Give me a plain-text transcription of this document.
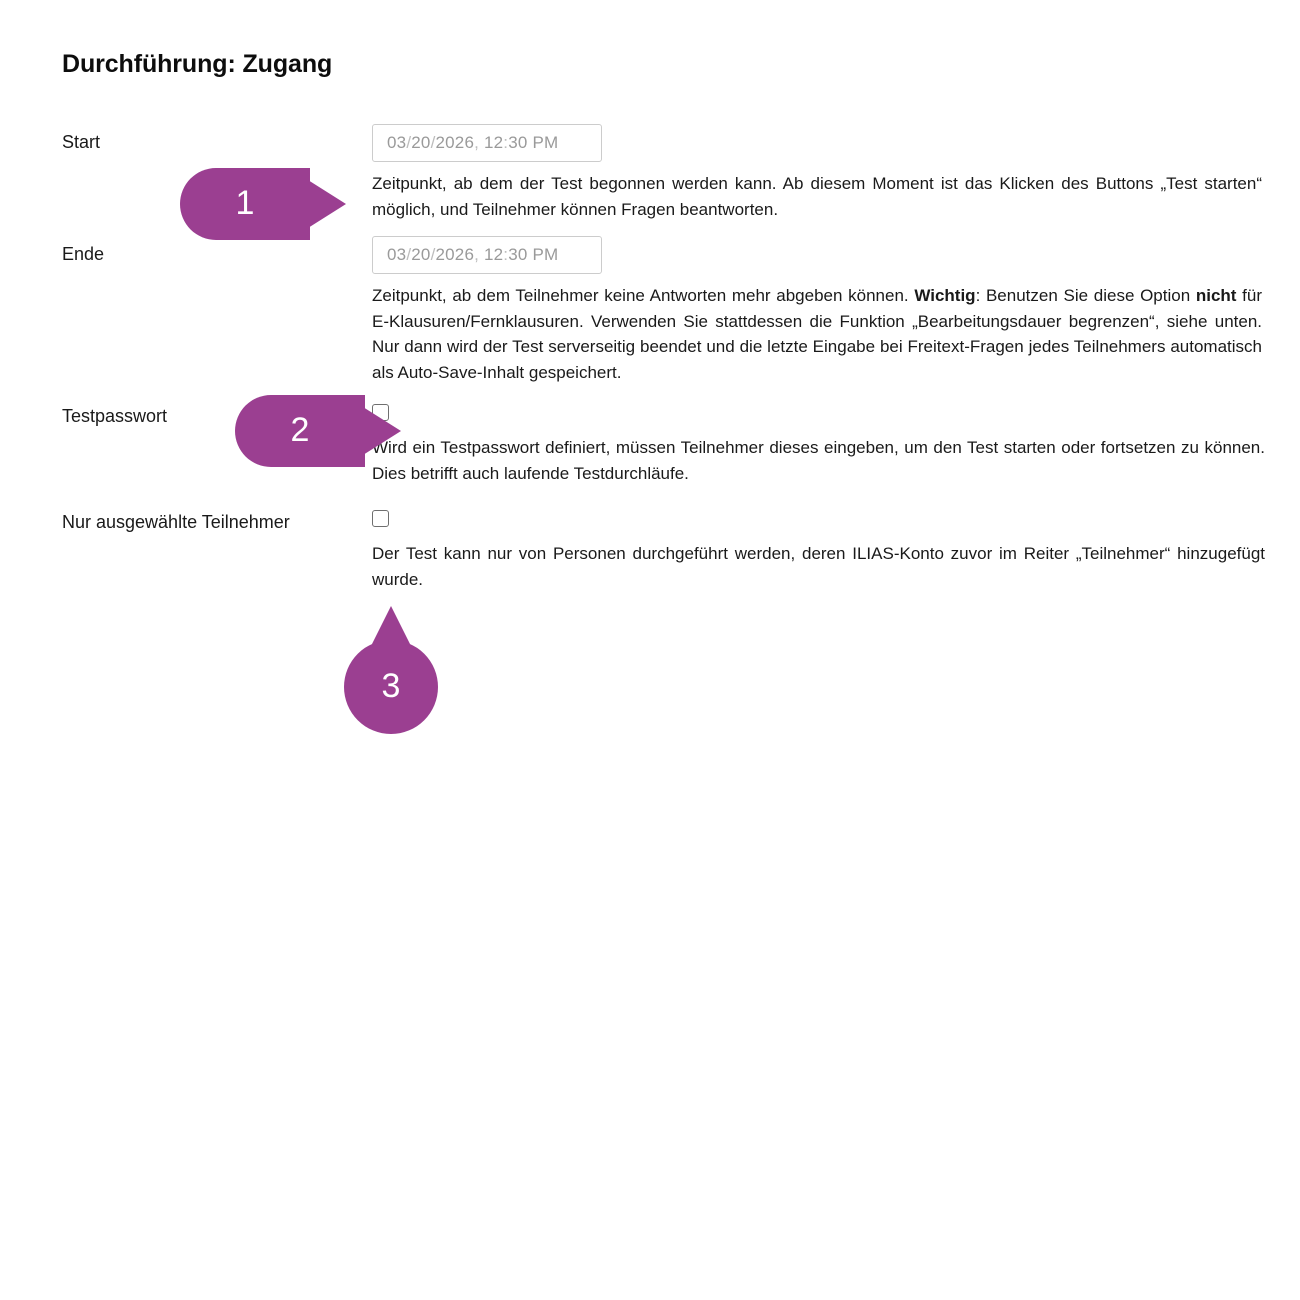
Durchführung: Zugang
Start	03/20/2026, 12:30 PM
Zeitpunkt, ab dem der Test begonnen werden kann. Ab diesem Moment ist das Klicken des Buttons „Test starten“ möglich, und Teilnehmer können Fragen beantworten.
Ende	03/20/2026, 12:30 PM
Zeitpunkt, ab dem Teilnehmer keine Antworten mehr abgeben können. Wichtig: Benutzen Sie diese Option nicht für E-Klausuren/Fernklausuren. Verwenden Sie stattdessen die Funktion „Bearbeitungsdauer begrenzen“, siehe unten. Nur dann wird der Test serverseitig beendet und die letzte Eingabe bei Freitext-Fragen jedes Teilnehmers automatisch als Auto-Save-Inhalt gespeichert.
Testpasswort
Wird ein Testpasswort definiert, müssen Teilnehmer dieses eingeben, um den Test starten oder fortsetzen zu können. Dies betrifft auch laufende Testdurchläufe.
Nur ausgewählte Teilnehmer
Der Test kann nur von Personen durchgeführt werden, deren ILIAS-Konto zuvor im Reiter „Teilnehmer“ hinzugefügt wurde.
1
2
3
